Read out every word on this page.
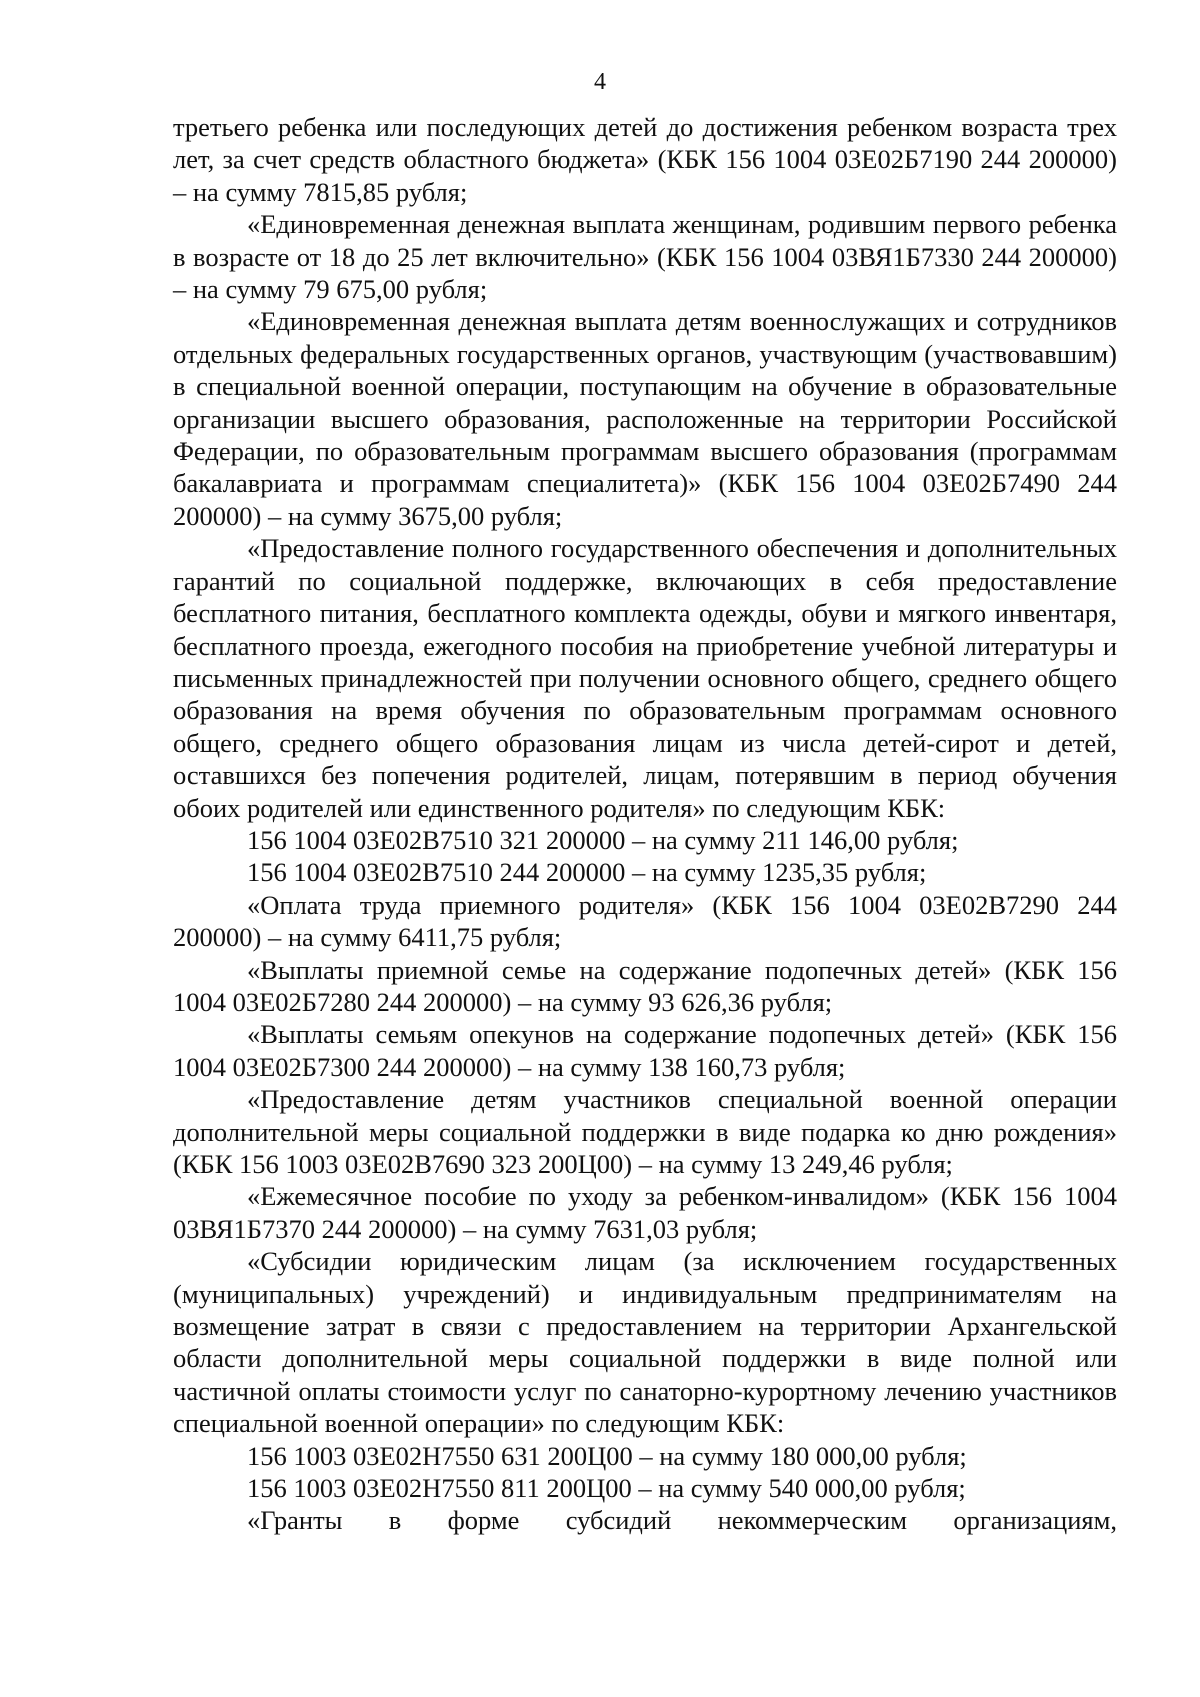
4

третьего ребенка или последующих детей до достижения ребенком возраста трех лет, за счет средств областного бюджета» (КБК 156 1004 03Е02Б7190 244 200000) – на сумму 7815,85 рубля;

«Единовременная денежная выплата женщинам, родившим первого ребенка в возрасте от 18 до 25 лет включительно» (КБК 156 1004 03ВЯ1Б7330 244 200000) – на сумму 79 675,00 рубля;

«Единовременная денежная выплата детям военнослужащих и сотрудников отдельных федеральных государственных органов, участвующим (участвовавшим) в специальной военной операции, поступающим на обучение в образовательные организации высшего образования, расположенные на территории Российской Федерации, по образовательным программам высшего образования (программам бакалавриата и программам специалитета)» (КБК 156 1004 03Е02Б7490 244 200000) – на сумму 3675,00 рубля;

«Предоставление полного государственного обеспечения и дополнительных гарантий по социальной поддержке, включающих в себя предоставление бесплатного питания, бесплатного комплекта одежды, обуви и мягкого инвентаря, бесплатного проезда, ежегодного пособия на приобретение учебной литературы и письменных принадлежностей при получении основного общего, среднего общего образования на время обучения по образовательным программам основного общего, среднего общего образования лицам из числа детей-сирот и детей, оставшихся без попечения родителей, лицам, потерявшим в период обучения обоих родителей или единственного родителя» по следующим КБК:

156 1004 03Е02В7510 321 200000 – на сумму 211 146,00 рубля;

156 1004 03Е02В7510 244 200000 – на сумму 1235,35 рубля;

«Оплата труда приемного родителя» (КБК 156 1004 03Е02В7290 244 200000) – на сумму 6411,75 рубля;

«Выплаты приемной семье на содержание подопечных детей» (КБК 156 1004 03Е02Б7280 244 200000) – на сумму 93 626,36 рубля;

«Выплаты семьям опекунов на содержание подопечных детей» (КБК 156 1004 03Е02Б7300 244 200000) – на сумму 138 160,73 рубля;

«Предоставление детям участников специальной военной операции дополнительной меры социальной поддержки в виде подарка ко дню рождения» (КБК 156 1003 03Е02В7690 323 200Ц00) – на сумму 13 249,46 рубля;

«Ежемесячное пособие по уходу за ребенком-инвалидом» (КБК 156 1004 03ВЯ1Б7370 244 200000) – на сумму 7631,03 рубля;

«Субсидии юридическим лицам (за исключением государственных (муниципальных) учреждений) и индивидуальным предпринимателям на возмещение затрат в связи с предоставлением на территории Архангельской области дополнительной меры социальной поддержки в виде полной или частичной оплаты стоимости услуг по санаторно-курортному лечению участников специальной военной операции» по следующим КБК:

156 1003 03Е02Н7550 631 200Ц00 – на сумму 180 000,00 рубля;

156 1003 03Е02Н7550 811 200Ц00 – на сумму 540 000,00 рубля;

«Гранты в форме субсидий некоммерческим организациям,
